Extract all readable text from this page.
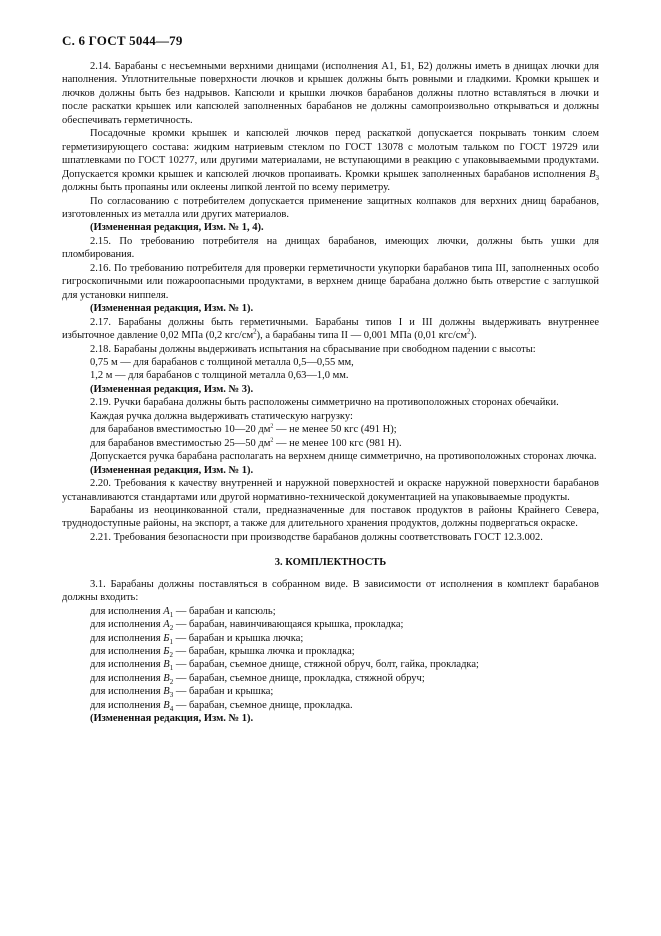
С. 6 ГОСТ 5044—79

2.14. Барабаны с несъемными верхними днищами (исполнения А1, Б1, Б2) должны иметь в днищах лючки для наполнения. Уплотнительные поверхности лючков и крышек должны быть ровными и гладкими. Кромки крышек и лючков должны быть без надрывов. Капсюли и крышки лючков барабанов должны плотно вставляться в лючки и после раскатки крышек или капсюлей заполненных барабанов не должны самопроизвольно открываться и должны обеспечивать герметичность.

Посадочные кромки крышек и капсюлей лючков перед раскаткой допускается покрывать тонким слоем герметизирующего состава: жидким натриевым стеклом по ГОСТ 13078 с молотым тальком по ГОСТ 19729 или шпатлевками по ГОСТ 10277, или другими материалами, не вступающими в реакцию с упаковываемыми продуктами. Допускается кромки крышек и капсюлей лючков пропаивать. Кромки крышек заполненных барабанов исполнения $В_3$ должны быть пропаяны или оклеены липкой лентой по всему периметру.

По согласованию с потребителем допускается применение защитных колпаков для верхних днищ барабанов, изготовленных из металла или других материалов.

(Измененная редакция, Изм. № 1, 4).

2.15. По требованию потребителя на днищах барабанов, имеющих лючки, должны быть ушки для пломбирования.

2.16. По требованию потребителя для проверки герметичности укупорки барабанов типа III, заполненных особо гигроскопичными или пожароопасными продуктами, в верхнем днище барабана должно быть отверстие с заглушкой для установки ниппеля.

(Измененная редакция, Изм. № 1).

2.17. Барабаны должны быть герметичными. Барабаны типов I и III должны выдерживать внутреннее избыточное давление 0,02 МПа (0,2 кгс/$см^2$), а барабаны типа II — 0,001 МПа (0,01 кгс/$см^2$).

2.18. Барабаны должны выдерживать испытания на сбрасывание при свободном падении с высоты:

0,75 м — для барабанов с толщиной металла 0,5—0,55 мм,

1,2 м — для барабанов с толщиной металла 0,63—1,0 мм.

(Измененная редакция, Изм. № 3).

2.19. Ручки барабана должны быть расположены симметрично на противоположных сторонах обечайки.

Каждая ручка должна выдерживать статическую нагрузку:

для барабанов вместимостью 10—20 $дм^2$ — не менее 50 кгс (491 Н);

для барабанов вместимостью 25—50 $дм^2$ — не менее 100 кгс (981 Н).

Допускается ручка барабана располагать на верхнем днище симметрично, на противоположных сторонах лючка.

(Измененная редакция, Изм. № 1).

2.20. Требования к качеству внутренней и наружной поверхностей и окраске наружной поверхности барабанов устанавливаются стандартами или другой нормативно-технической документацией на упаковываемые продукты.

Барабаны из неоцинкованной стали, предназначенные для поставок продуктов в районы Крайнего Севера, труднодоступные районы, на экспорт, а также для длительного хранения продуктов, должны подвергаться окраске.

2.21. Требования безопасности при производстве барабанов должны соответствовать ГОСТ 12.3.002.

3. КОМПЛЕКТНОСТЬ

3.1. Барабаны должны поставляться в собранном виде. В зависимости от исполнения в комплект барабанов должны входить:

для исполнения $А_1$ — барабан и капсюль;

для исполнения $А_2$ — барабан, навинчивающаяся крышка, прокладка;

для исполнения $Б_1$ — барабан и крышка лючка;

для исполнения $Б_2$ — барабан, крышка лючка и прокладка;

для исполнения $В_1$ — барабан, съемное днище, стяжной обруч, болт, гайка, прокладка;

для исполнения $В_2$ — барабан, съемное днище, прокладка, стяжной обруч;

для исполнения $В_3$ — барабан и крышка;

для исполнения $В_4$ — барабан, съемное днище, прокладка.

(Измененная редакция, Изм. № 1).
